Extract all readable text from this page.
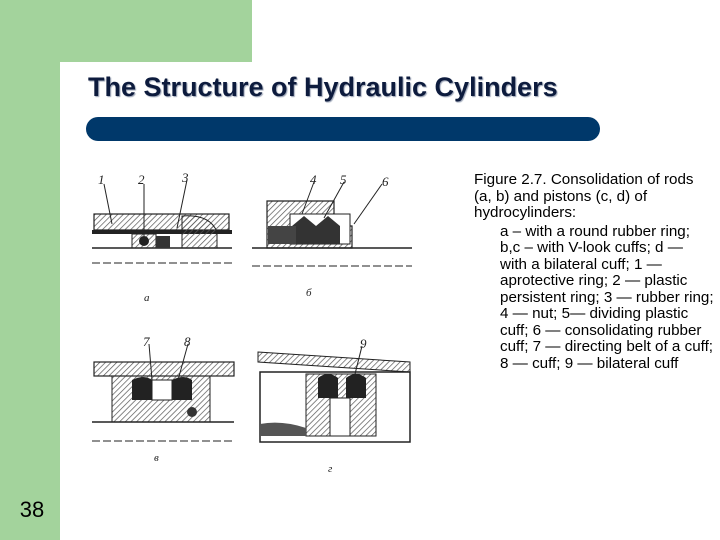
The Structure of Hydraulic Cylinders
1	2	3	4 5	6
7	8	9
a	б
в
г
Figure 2.7. Consolidation of rods (a, b) and pistons (c, d) of hydrocylinders:
a – with a round rubber ring; b,c – with V-look cuffs; d — with a bilateral cuff; 1 — aprotective ring; 2 — plastic persistent ring; 3 — rubber ring; 4 — nut; 5— dividing plastic cuff; 6 — consolidating rubber cuff; 7 — directing belt of a cuff; 8 — cuff; 9 — bilateral cuff
38
